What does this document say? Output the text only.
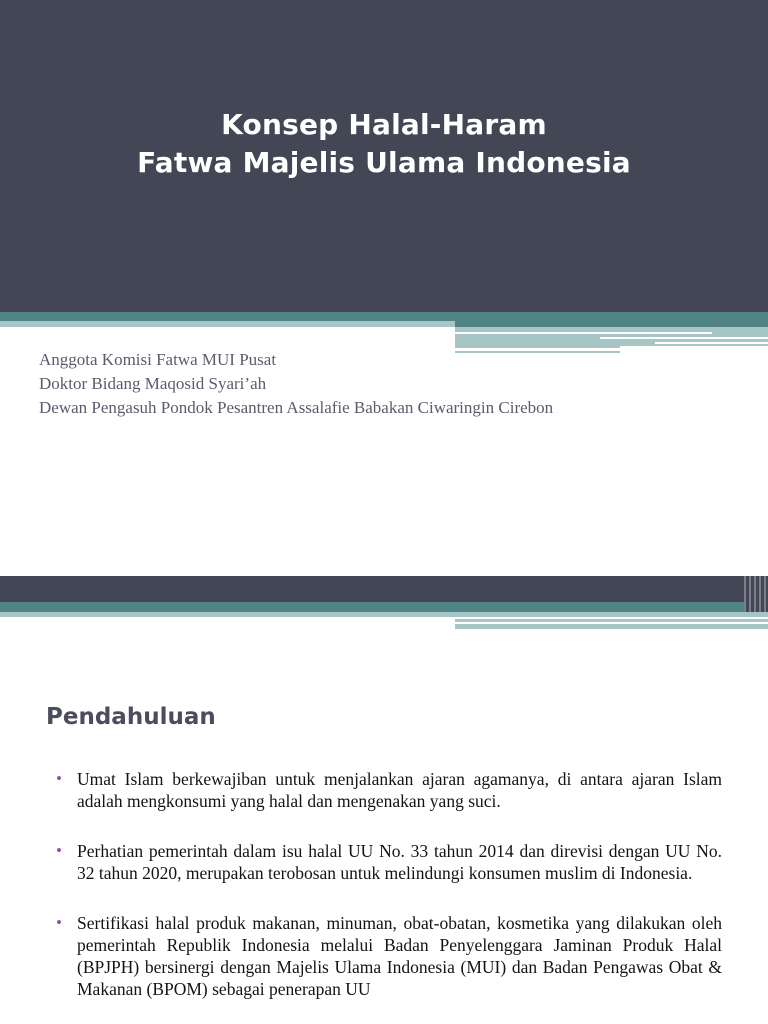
Konsep Halal-Haram
Fatwa Majelis Ulama Indonesia
Anggota Komisi Fatwa MUI Pusat
Doktor Bidang Maqosid Syari’ah
Dewan Pengasuh Pondok Pesantren Assalafie Babakan Ciwaringin Cirebon
Pendahuluan
• Umat Islam berkewajiban untuk menjalankan ajaran agamanya, di antara ajaran Islam adalah mengkonsumi yang halal dan mengenakan yang suci.
• Perhatian pemerintah dalam isu halal UU No. 33 tahun 2014 dan direvisi dengan UU No. 32 tahun 2020, merupakan terobosan untuk melindungi konsumen muslim di Indonesia.
• Sertifikasi halal produk makanan, minuman, obat-obatan, kosmetika yang dilakukan oleh pemerintah Republik Indonesia melalui Badan Penyelenggara Jaminan Produk Halal (BPJPH) bersinergi dengan Majelis Ulama Indonesia (MUI) dan Badan Pengawas Obat & Makanan (BPOM) sebagai penerapan UU
